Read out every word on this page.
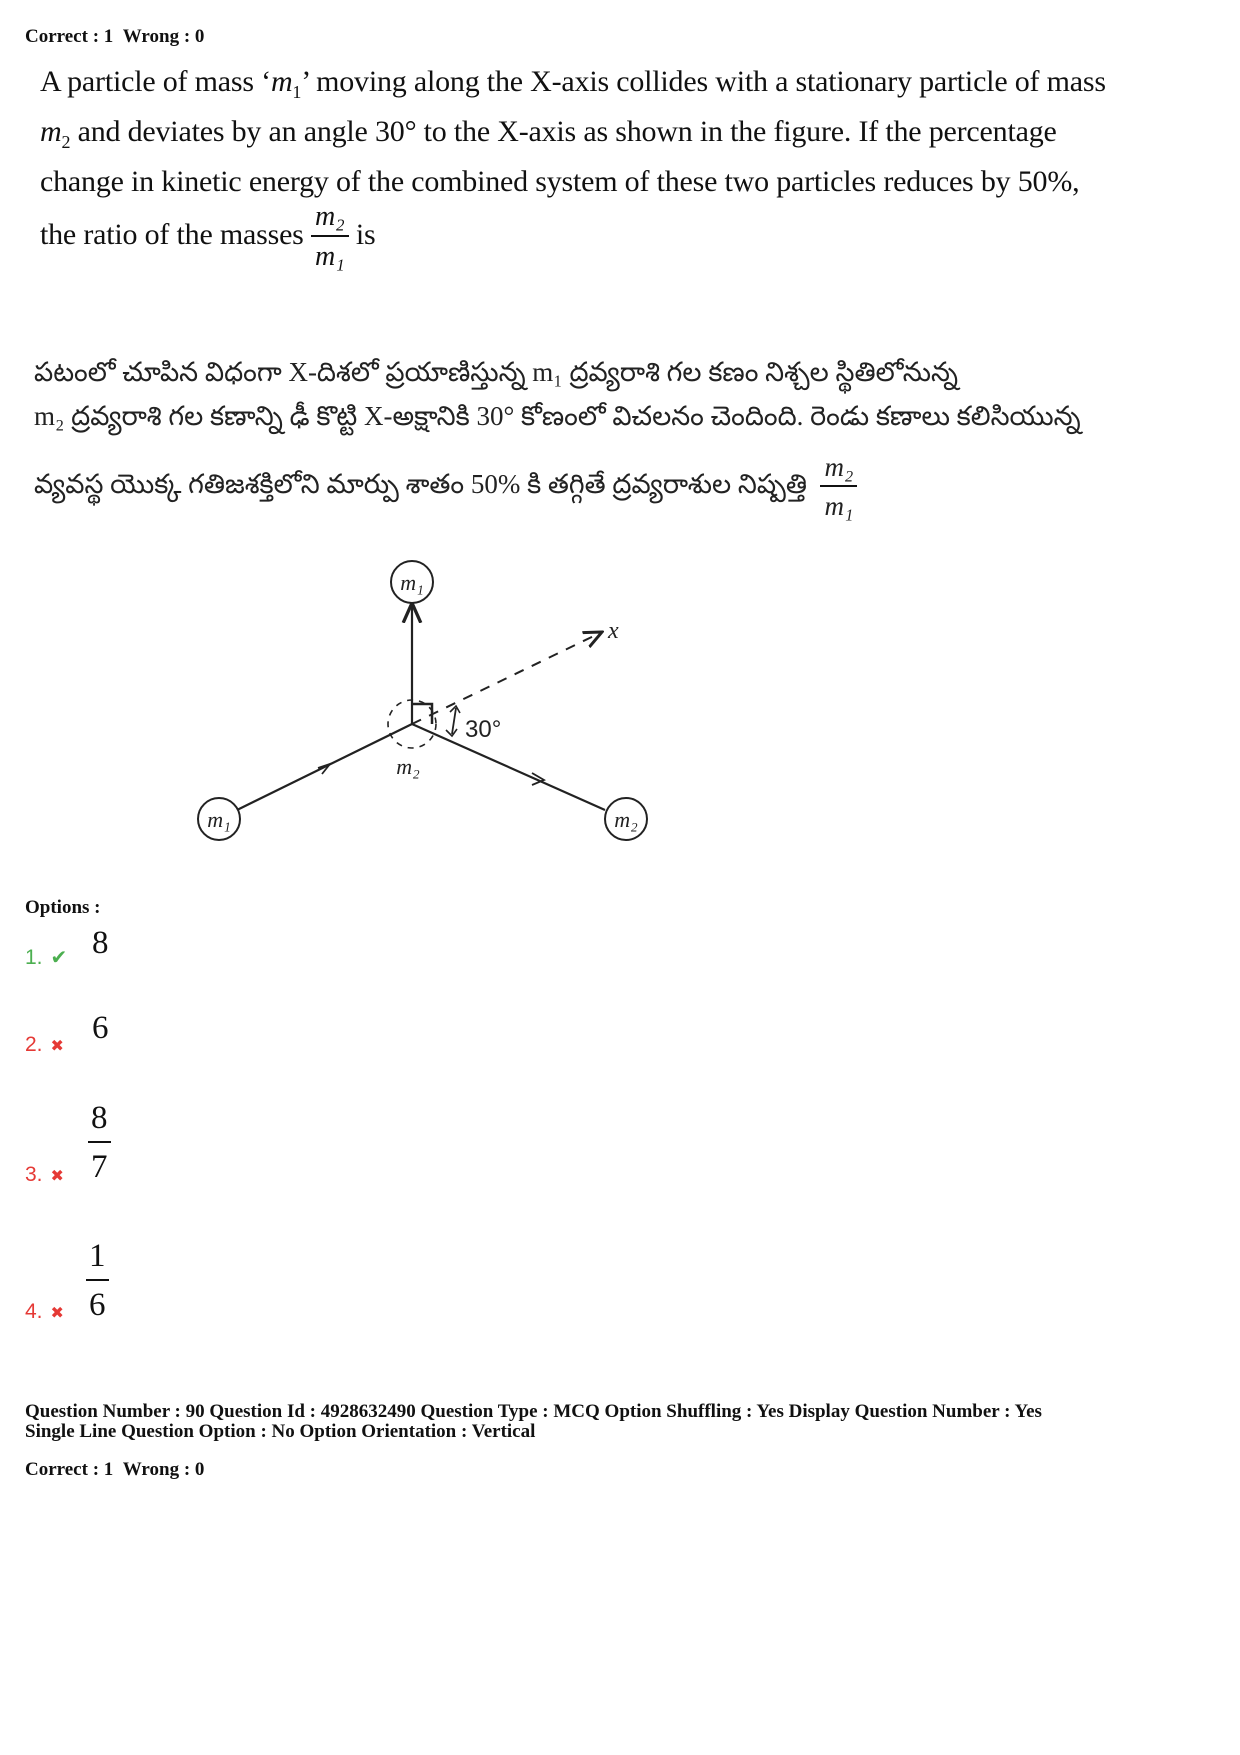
Correct : 1 Wrong : 0
A particle of mass ‘$m_1$’ moving along the X-axis collides with a stationary particle of mass
$m_2$ and deviates by an angle 30° to the X-axis as shown in the figure. If the percentage
change in kinetic energy of the combined system of these two particles reduces by 50%,
the ratio of the masses $\frac{\text{m₂}}{\text{m₁}}$ is
పటంలో చూపిన విధంగా X-దిశలో ప్రయాణిస్తున్న m₁ ద్రవ్యరాశి గల కణం నిశ్చల స్థితిలోనున్న
m₂ ద్రవ్యరాశి గల కణాన్ని ఢీ కొట్టి X-అక్షానికి 30° కోణంలో విచలనం చెందింది. రెండు కణాలు కలిసియున్న
వ్యవస్థ యొక్క గతిజశక్తిలోని మార్పు శాతం 50% కి తగ్గితే ద్రవ్యరాశుల నిష్పత్తి $\frac{\text{m₂}}{\text{m₁}}$
30°
x
m₁
m₁	m₂
m₂
Options :
1. ✔ 8
2. ✖
6
3. ✖
8
7
4. ✖
1
6
Question Number : 90 Question Id : 4928632490 Question Type : MCQ Option Shuffling : Yes Display Question Number : Yes
Single Line Question Option : No Option Orientation : Vertical
Correct : 1 Wrong : 0
